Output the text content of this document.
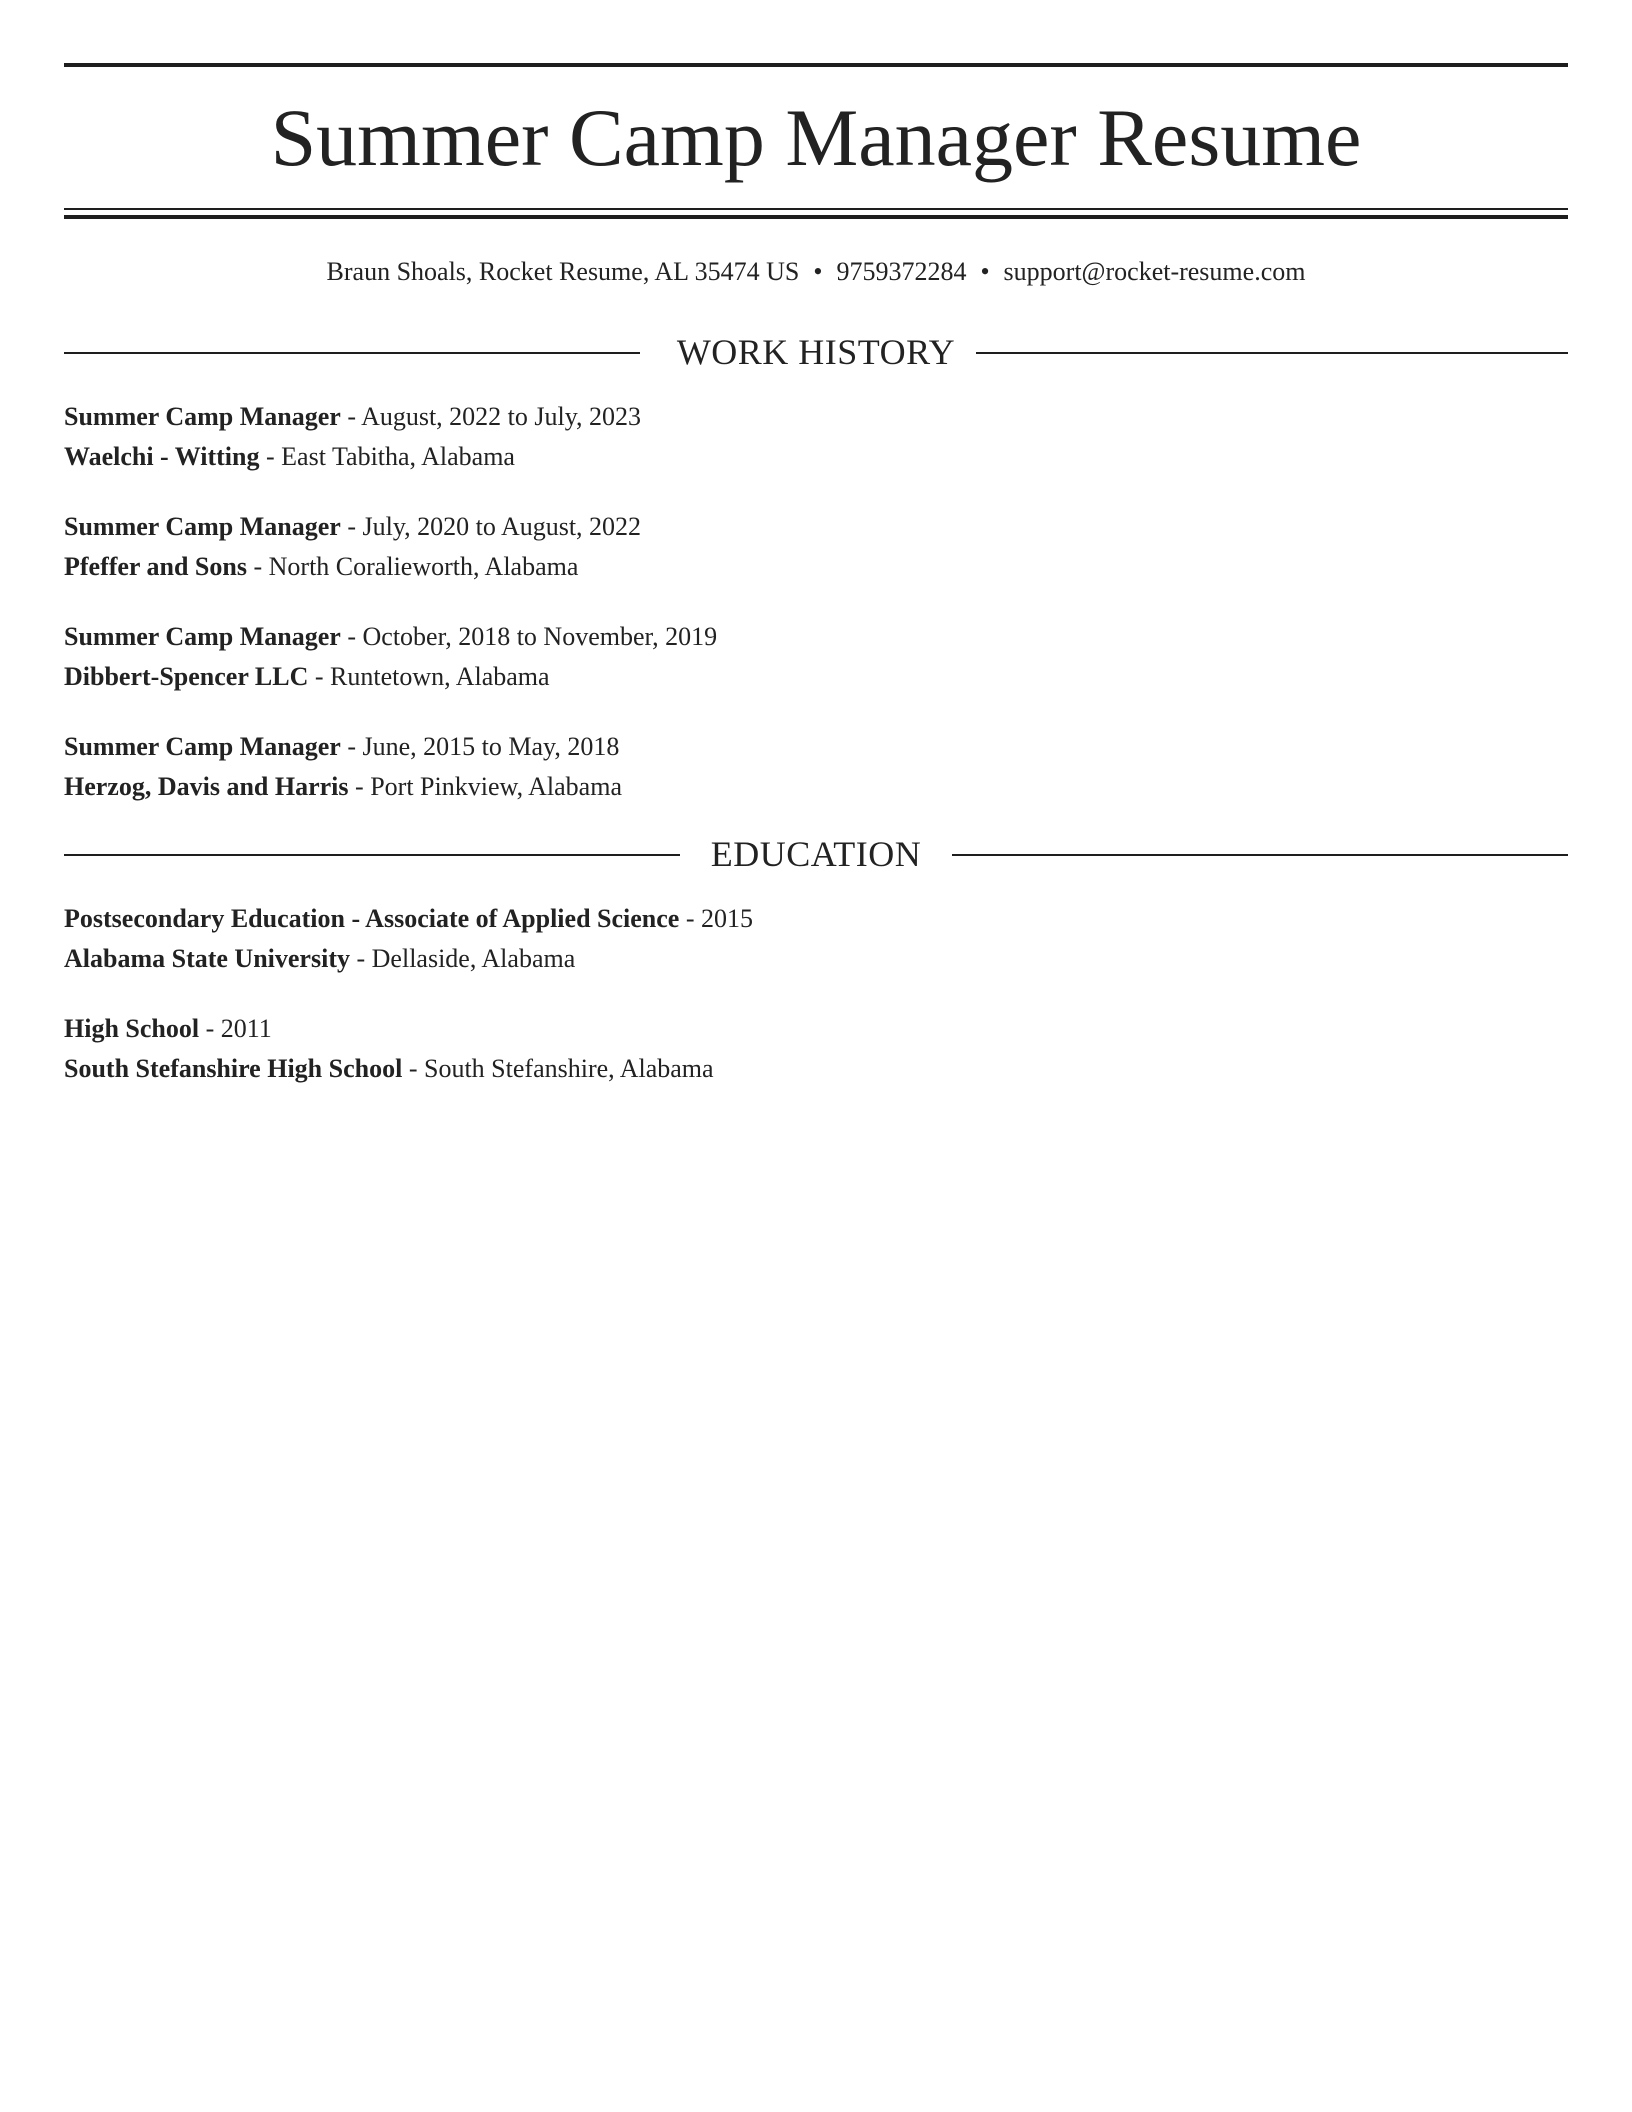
Summer Camp Manager Resume
Braun Shoals, Rocket Resume, AL 35474 US • 9759372284 • support@rocket-resume.com
WORK HISTORY
Summer Camp Manager - August, 2022 to July, 2023
Waelchi - Witting - East Tabitha, Alabama
Summer Camp Manager - July, 2020 to August, 2022
Pfeffer and Sons - North Coralieworth, Alabama
Summer Camp Manager - October, 2018 to November, 2019
Dibbert-Spencer LLC - Runtetown, Alabama
Summer Camp Manager - June, 2015 to May, 2018
Herzog, Davis and Harris - Port Pinkview, Alabama
EDUCATION
Postsecondary Education - Associate of Applied Science - 2015
Alabama State University - Dellaside, Alabama
High School - 2011
South Stefanshire High School - South Stefanshire, Alabama
